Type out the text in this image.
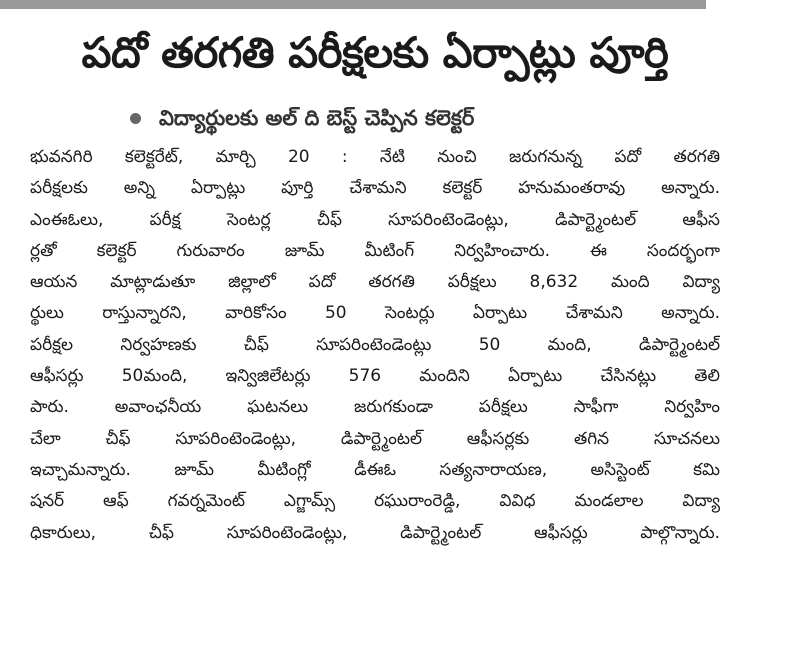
పదో తరగతి పరీక్షలకు ఏర్పాట్లు పూర్తి
విద్యార్థులకు అల్ ది బెస్ట్ చెప్పిన కలెక్టర్
భువనగిరి కలెక్టరేట్, మార్చి 20 : నేటి నుంచి జరుగనున్న పదో తరగతి
పరీక్షలకు అన్ని ఏర్పాట్లు పూర్తి చేశామని కలెక్టర్ హనుమంతరావు అన్నారు.
ఎంఈఓలు, పరీక్ష సెంటర్ల చీఫ్ సూపరింటెండెంట్లు, డిపార్ట్మెంటల్ ఆఫీస
ర్లతో కలెక్టర్ గురువారం జూమ్ మీటింగ్ నిర్వహించారు. ఈ సందర్భంగా
ఆయన మాట్లాడుతూ జిల్లాలో పదో తరగతి పరీక్షలు 8,632 మంది విద్యా
ర్థులు రాస్తున్నారని, వారికోసం 50 సెంటర్లు ఏర్పాటు చేశామని అన్నారు.
పరీక్షల నిర్వహణకు చీఫ్ సూపరింటెండెంట్లు 50 మంది, డిపార్ట్మెంటల్
ఆఫీసర్లు 50మంది, ఇన్విజిలేటర్లు 576 మందిని ఏర్పాటు చేసినట్లు తెలి
పారు. అవాంఛనీయ ఘటనలు జరుగకుండా పరీక్షలు సాఫీగా నిర్వహిం
చేలా చీఫ్ సూపరింటెండెంట్లు, డిపార్ట్మెంటల్ ఆఫీసర్లకు తగిన సూచనలు
ఇచ్చామన్నారు. జూమ్ మీటింగ్లో డీఈఓ సత్యనారాయణ, అసిస్టెంట్ కమి
షనర్ ఆఫ్ గవర్నమెంట్ ఎగ్జామ్స్ రఘురాంరెడ్డి, వివిధ మండలాల విద్యా
ధికారులు, చీఫ్ సూపరింటెండెంట్లు, డిపార్ట్మెంటల్ ఆఫీసర్లు పాల్గొన్నారు.
